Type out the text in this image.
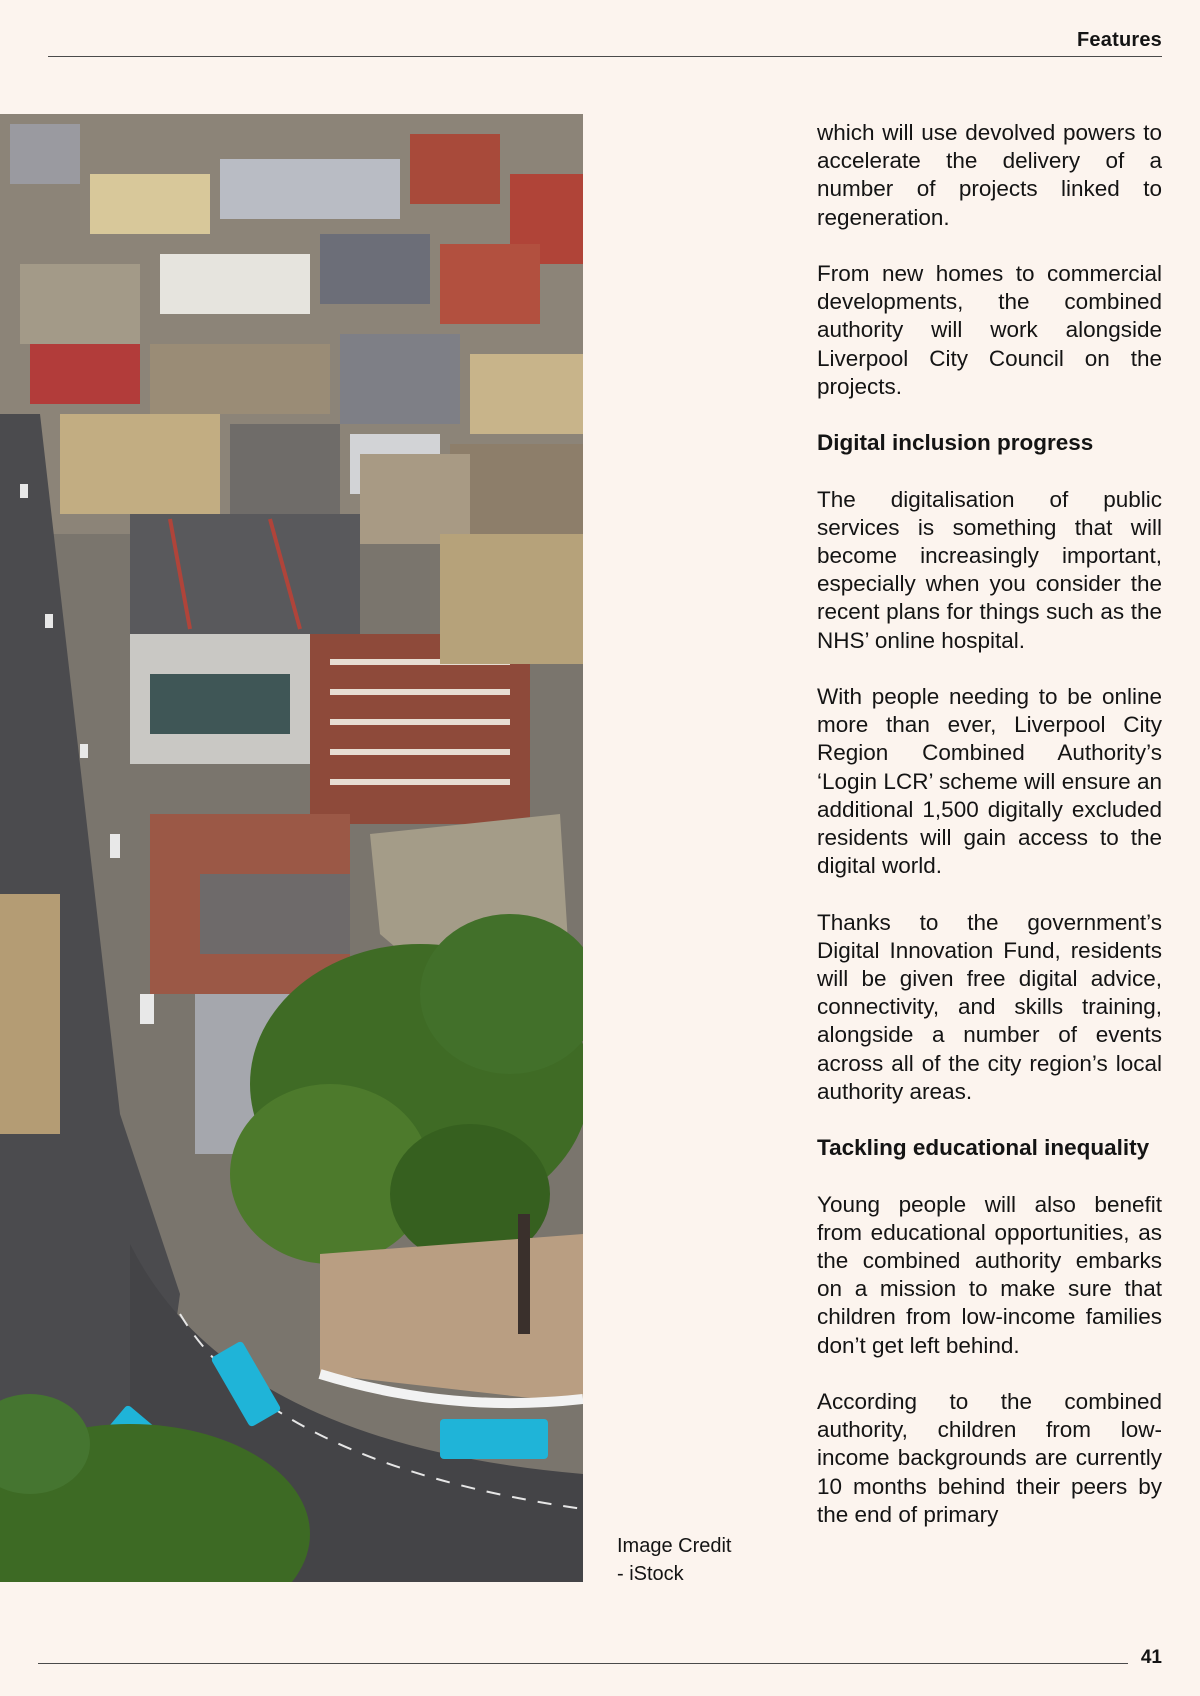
Features
Image Credit
- iStock

which will use devolved powers to accelerate the delivery of a number of projects linked to regeneration.

From new homes to commercial developments, the combined authority will work alongside Liverpool City Council on the projects.

Digital inclusion progress

The digitalisation of public services is something that will become increasingly important, especially when you consider the recent plans for things such as the NHS’ online hospital.

With people needing to be online more than ever, Liverpool City Region Combined Authority’s ‘Login LCR’ scheme will ensure an additional 1,500 digitally excluded residents will gain access to the digital world.

Thanks to the government’s Digital Innovation Fund, residents will be given free digital advice, connectivity, and skills training, alongside a number of events across all of the city region’s local authority areas.

Tackling educational inequality

Young people will also benefit from educational opportunities, as the combined authority embarks on a mission to make sure that children from low-income families don’t get left behind.

According to the combined authority, children from low-income backgrounds are currently 10 months behind their peers by the end of primary

41
